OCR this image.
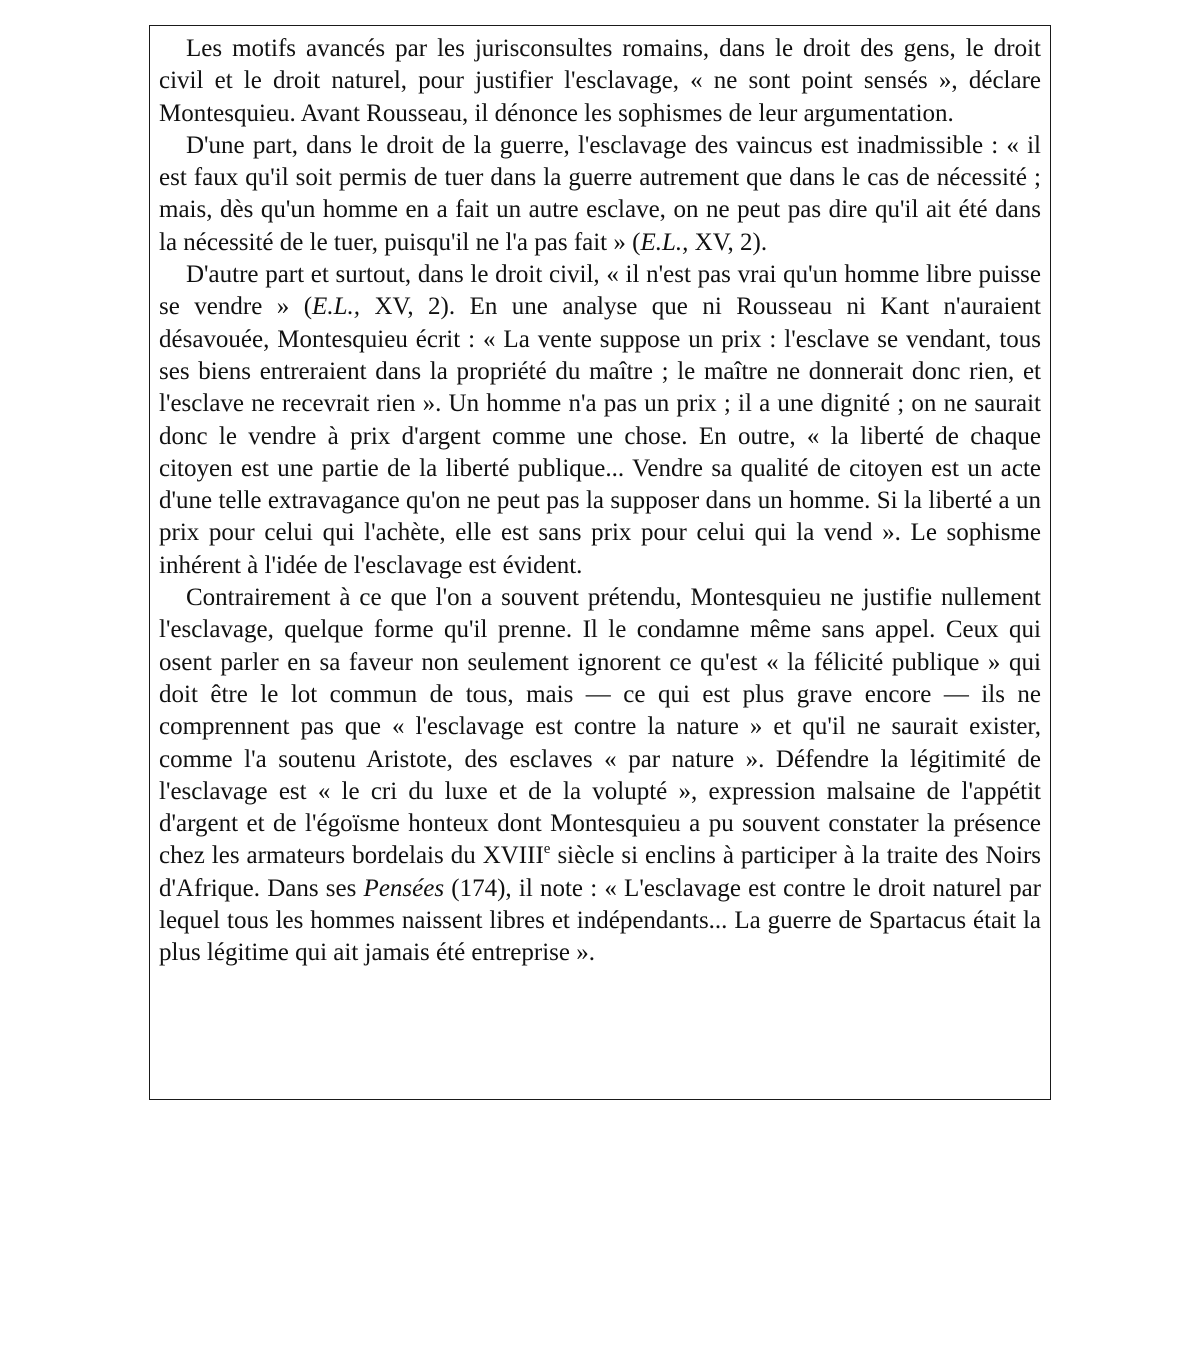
Les motifs avancés par les jurisconsultes romains, dans le droit des gens, le droit civil et le droit naturel, pour justifier l'esclavage, « ne sont point sensés », déclare Montesquieu. Avant Rousseau, il dénonce les sophismes de leur argumentation.

D'une part, dans le droit de la guerre, l'esclavage des vaincus est inadmissible : « il est faux qu'il soit permis de tuer dans la guerre autrement que dans le cas de nécessité ; mais, dès qu'un homme en a fait un autre esclave, on ne peut pas dire qu'il ait été dans la nécessité de le tuer, puisqu'il ne l'a pas fait » (E.L., XV, 2).

D'autre part et surtout, dans le droit civil, « il n'est pas vrai qu'un homme libre puisse se vendre » (E.L., XV, 2). En une analyse que ni Rousseau ni Kant n'auraient désavouée, Montesquieu écrit : « La vente suppose un prix : l'esclave se vendant, tous ses biens entreraient dans la propriété du maître ; le maître ne donnerait donc rien, et l'esclave ne recevrait rien ». Un homme n'a pas un prix ; il a une dignité ; on ne saurait donc le vendre à prix d'argent comme une chose. En outre, « la liberté de chaque citoyen est une partie de la liberté publique... Vendre sa qualité de citoyen est un acte d'une telle extravagance qu'on ne peut pas la supposer dans un homme. Si la liberté a un prix pour celui qui l'achète, elle est sans prix pour celui qui la vend ». Le sophisme inhérent à l'idée de l'esclavage est évident.

Contrairement à ce que l'on a souvent prétendu, Montesquieu ne justifie nullement l'esclavage, quelque forme qu'il prenne. Il le condamne même sans appel. Ceux qui osent parler en sa faveur non seulement ignorent ce qu'est « la félicité publique » qui doit être le lot commun de tous, mais — ce qui est plus grave encore — ils ne comprennent pas que « l'esclavage est contre la nature » et qu'il ne saurait exister, comme l'a soutenu Aristote, des esclaves « par nature ». Défendre la légitimité de l'esclavage est « le cri du luxe et de la volupté », expression malsaine de l'appétit d'argent et de l'égoïsme honteux dont Montesquieu a pu souvent constater la présence chez les armateurs bordelais du XVIIIe siècle si enclins à participer à la traite des Noirs d'Afrique. Dans ses Pensées (174), il note : « L'esclavage est contre le droit naturel par lequel tous les hommes naissent libres et indépendants... La guerre de Spartacus était la plus légitime qui ait jamais été entreprise ».
